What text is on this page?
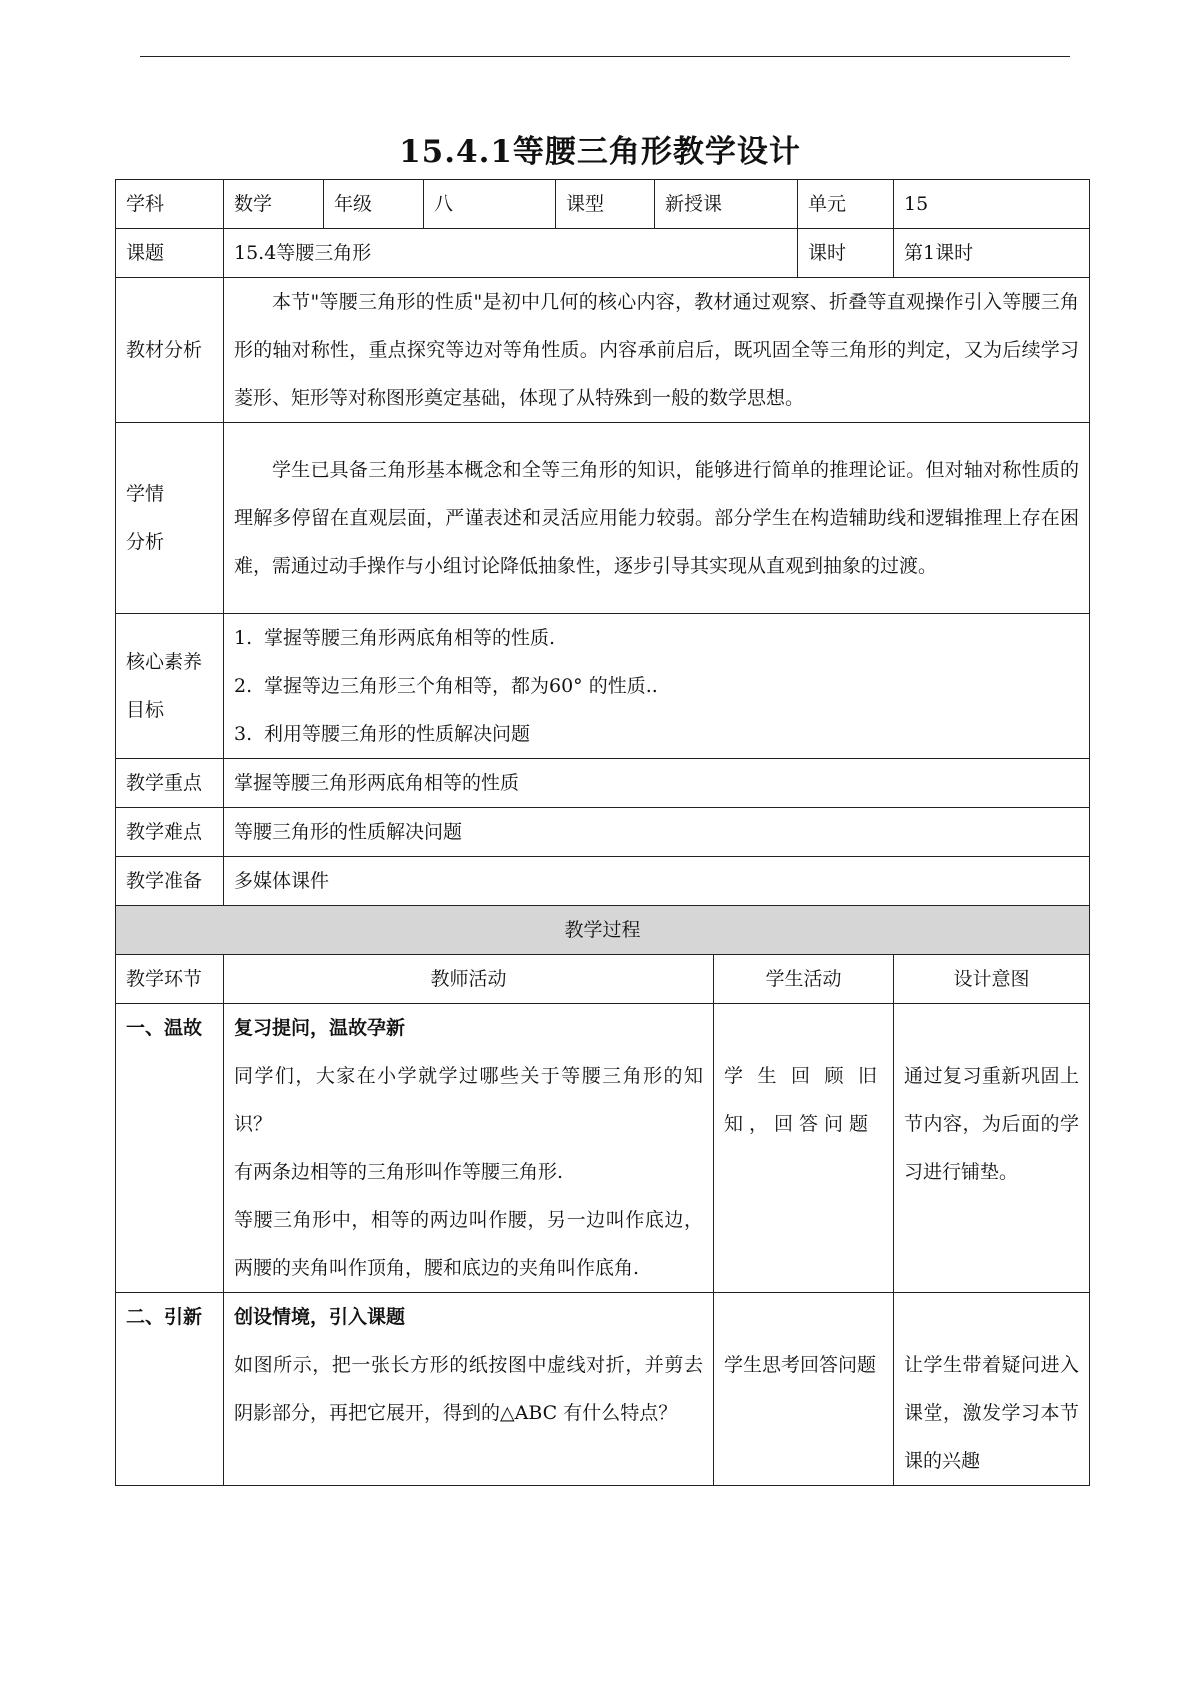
15.4.1等腰三角形教学设计
学科	数学	年级	八	课型	新授课		单元	15
课题	15.4等腰三角形						课时	第1课时
教材分析	本节"等腰三角形的性质"是初中几何的核心内容，教材通过观察、折叠等直观操作引入等腰三角形的轴对称性，重点探究等边对等角性质。内容承前启后，既巩固全等三角形的判定，又为后续学习菱形、矩形等对称图形奠定基础，体现了从特殊到一般的数学思想。							

学情
分析	学生已具备三角形基本概念和全等三角形的知识，能够进行简单的推理论证。但对轴对称性质的理解多停留在直观层面，严谨表述和灵活应用能力较弱。部分学生在构造辅助线和逻辑推理上存在困难，需通过动手操作与小组讨论降低抽象性，逐步引导其实现从直观到抽象的过渡。							

核心素养
目标	1. 掌握等腰三角形两底角相等的性质.
2. 掌握等边三角形三个角相等，都为60° 的性质..
3. 利用等腰三角形的性质解决问题							

教学重点	掌握等腰三角形两底角相等的性质							
教学难点	等腰三角形的性质解决问题							
教学准备	多媒体课件							
教学过程								
教学环节	教师活动					学生活动		设计意图
一、温故	复习提问，温故孕新
同学们，大家在小学就学过哪些关于等腰三角形的知识？
有两条边相等的三角形叫作等腰三角形.
等腰三角形中，相等的两边叫作腰，另一边叫作底边，两腰的夹角叫作顶角，腰和底边的夹角叫作底角.					学生回顾旧知，回答问题		通过复习重新巩固上节内容，为后面的学习进行铺垫。
二、引新	创设情境，引入课题
如图所示，把一张长方形的纸按图中虚线对折，并剪去阴影部分，再把它展开，得到的△ABC 有什么特点？					学生思考回答问题		让学生带着疑问进入课堂，激发学习本节课的兴趣
